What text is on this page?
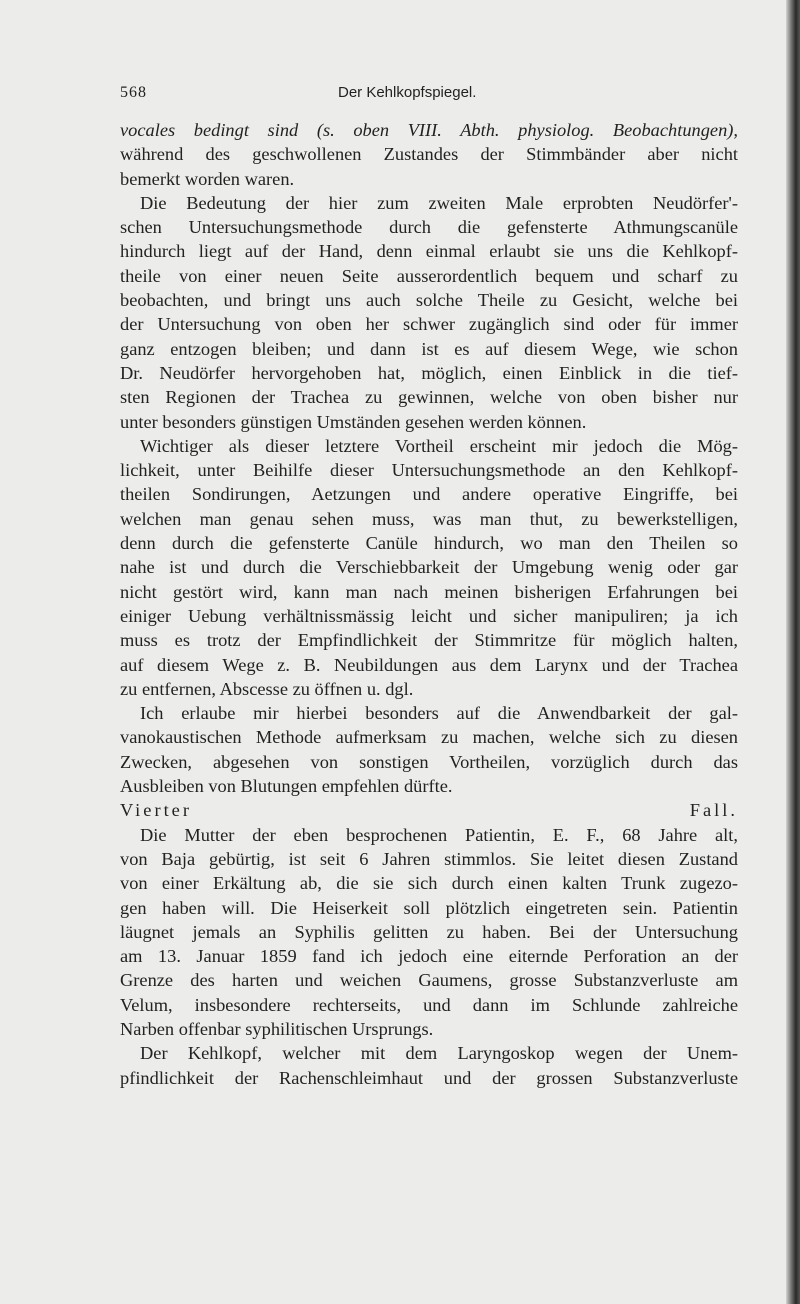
568	Der Kehlkopfspiegel.

vocales bedingt sind (s. oben VIII. Abth. physiolog. Beobachtungen),

während des geschwollenen Zustandes der Stimmbänder aber nicht

bemerkt worden waren.

Die Bedeutung der hier zum zweiten Male erprobten Neudörfer'-

schen Untersuchungsmethode durch die gefensterte Athmungscanüle

hindurch liegt auf der Hand, denn einmal erlaubt sie uns die Kehlkopf-

theile von einer neuen Seite ausserordentlich bequem und scharf zu

beobachten, und bringt uns auch solche Theile zu Gesicht, welche bei

der Untersuchung von oben her schwer zugänglich sind oder für immer

ganz entzogen bleiben; und dann ist es auf diesem Wege, wie schon

Dr. Neudörfer hervorgehoben hat, möglich, einen Einblick in die tief-

sten Regionen der Trachea zu gewinnen, welche von oben bisher nur

unter besonders günstigen Umständen gesehen werden können.

Wichtiger als dieser letztere Vortheil erscheint mir jedoch die Mög-

lichkeit, unter Beihilfe dieser Untersuchungsmethode an den Kehlkopf-

theilen Sondirungen, Aetzungen und andere operative Eingriffe, bei

welchen man genau sehen muss, was man thut, zu bewerkstelligen,

denn durch die gefensterte Canüle hindurch, wo man den Theilen so

nahe ist und durch die Verschiebbarkeit der Umgebung wenig oder gar

nicht gestört wird, kann man nach meinen bisherigen Erfahrungen bei

einiger Uebung verhältnissmässig leicht und sicher manipuliren; ja ich

muss es trotz der Empfindlichkeit der Stimmritze für möglich halten,

auf diesem Wege z. B. Neubildungen aus dem Larynx und der Trachea

zu entfernen, Abscesse zu öffnen u. dgl.

Ich erlaube mir hierbei besonders auf die Anwendbarkeit der gal-

vanokaustischen Methode aufmerksam zu machen, welche sich zu diesen

Zwecken, abgesehen von sonstigen Vortheilen, vorzüglich durch das

Ausbleiben von Blutungen empfehlen dürfte.

Vierter Fall.

Die Mutter der eben besprochenen Patientin, E. F., 68 Jahre alt,

von Baja gebürtig, ist seit 6 Jahren stimmlos. Sie leitet diesen Zustand

von einer Erkältung ab, die sie sich durch einen kalten Trunk zugezo-

gen haben will. Die Heiserkeit soll plötzlich eingetreten sein. Patientin

läugnet jemals an Syphilis gelitten zu haben. Bei der Untersuchung

am 13. Januar 1859 fand ich jedoch eine eiternde Perforation an der

Grenze des harten und weichen Gaumens, grosse Substanzverluste am

Velum, insbesondere rechterseits, und dann im Schlunde zahlreiche

Narben offenbar syphilitischen Ursprungs.

Der Kehlkopf, welcher mit dem Laryngoskop wegen der Unem-

pfindlichkeit der Rachenschleimhaut und der grossen Substanzverluste
